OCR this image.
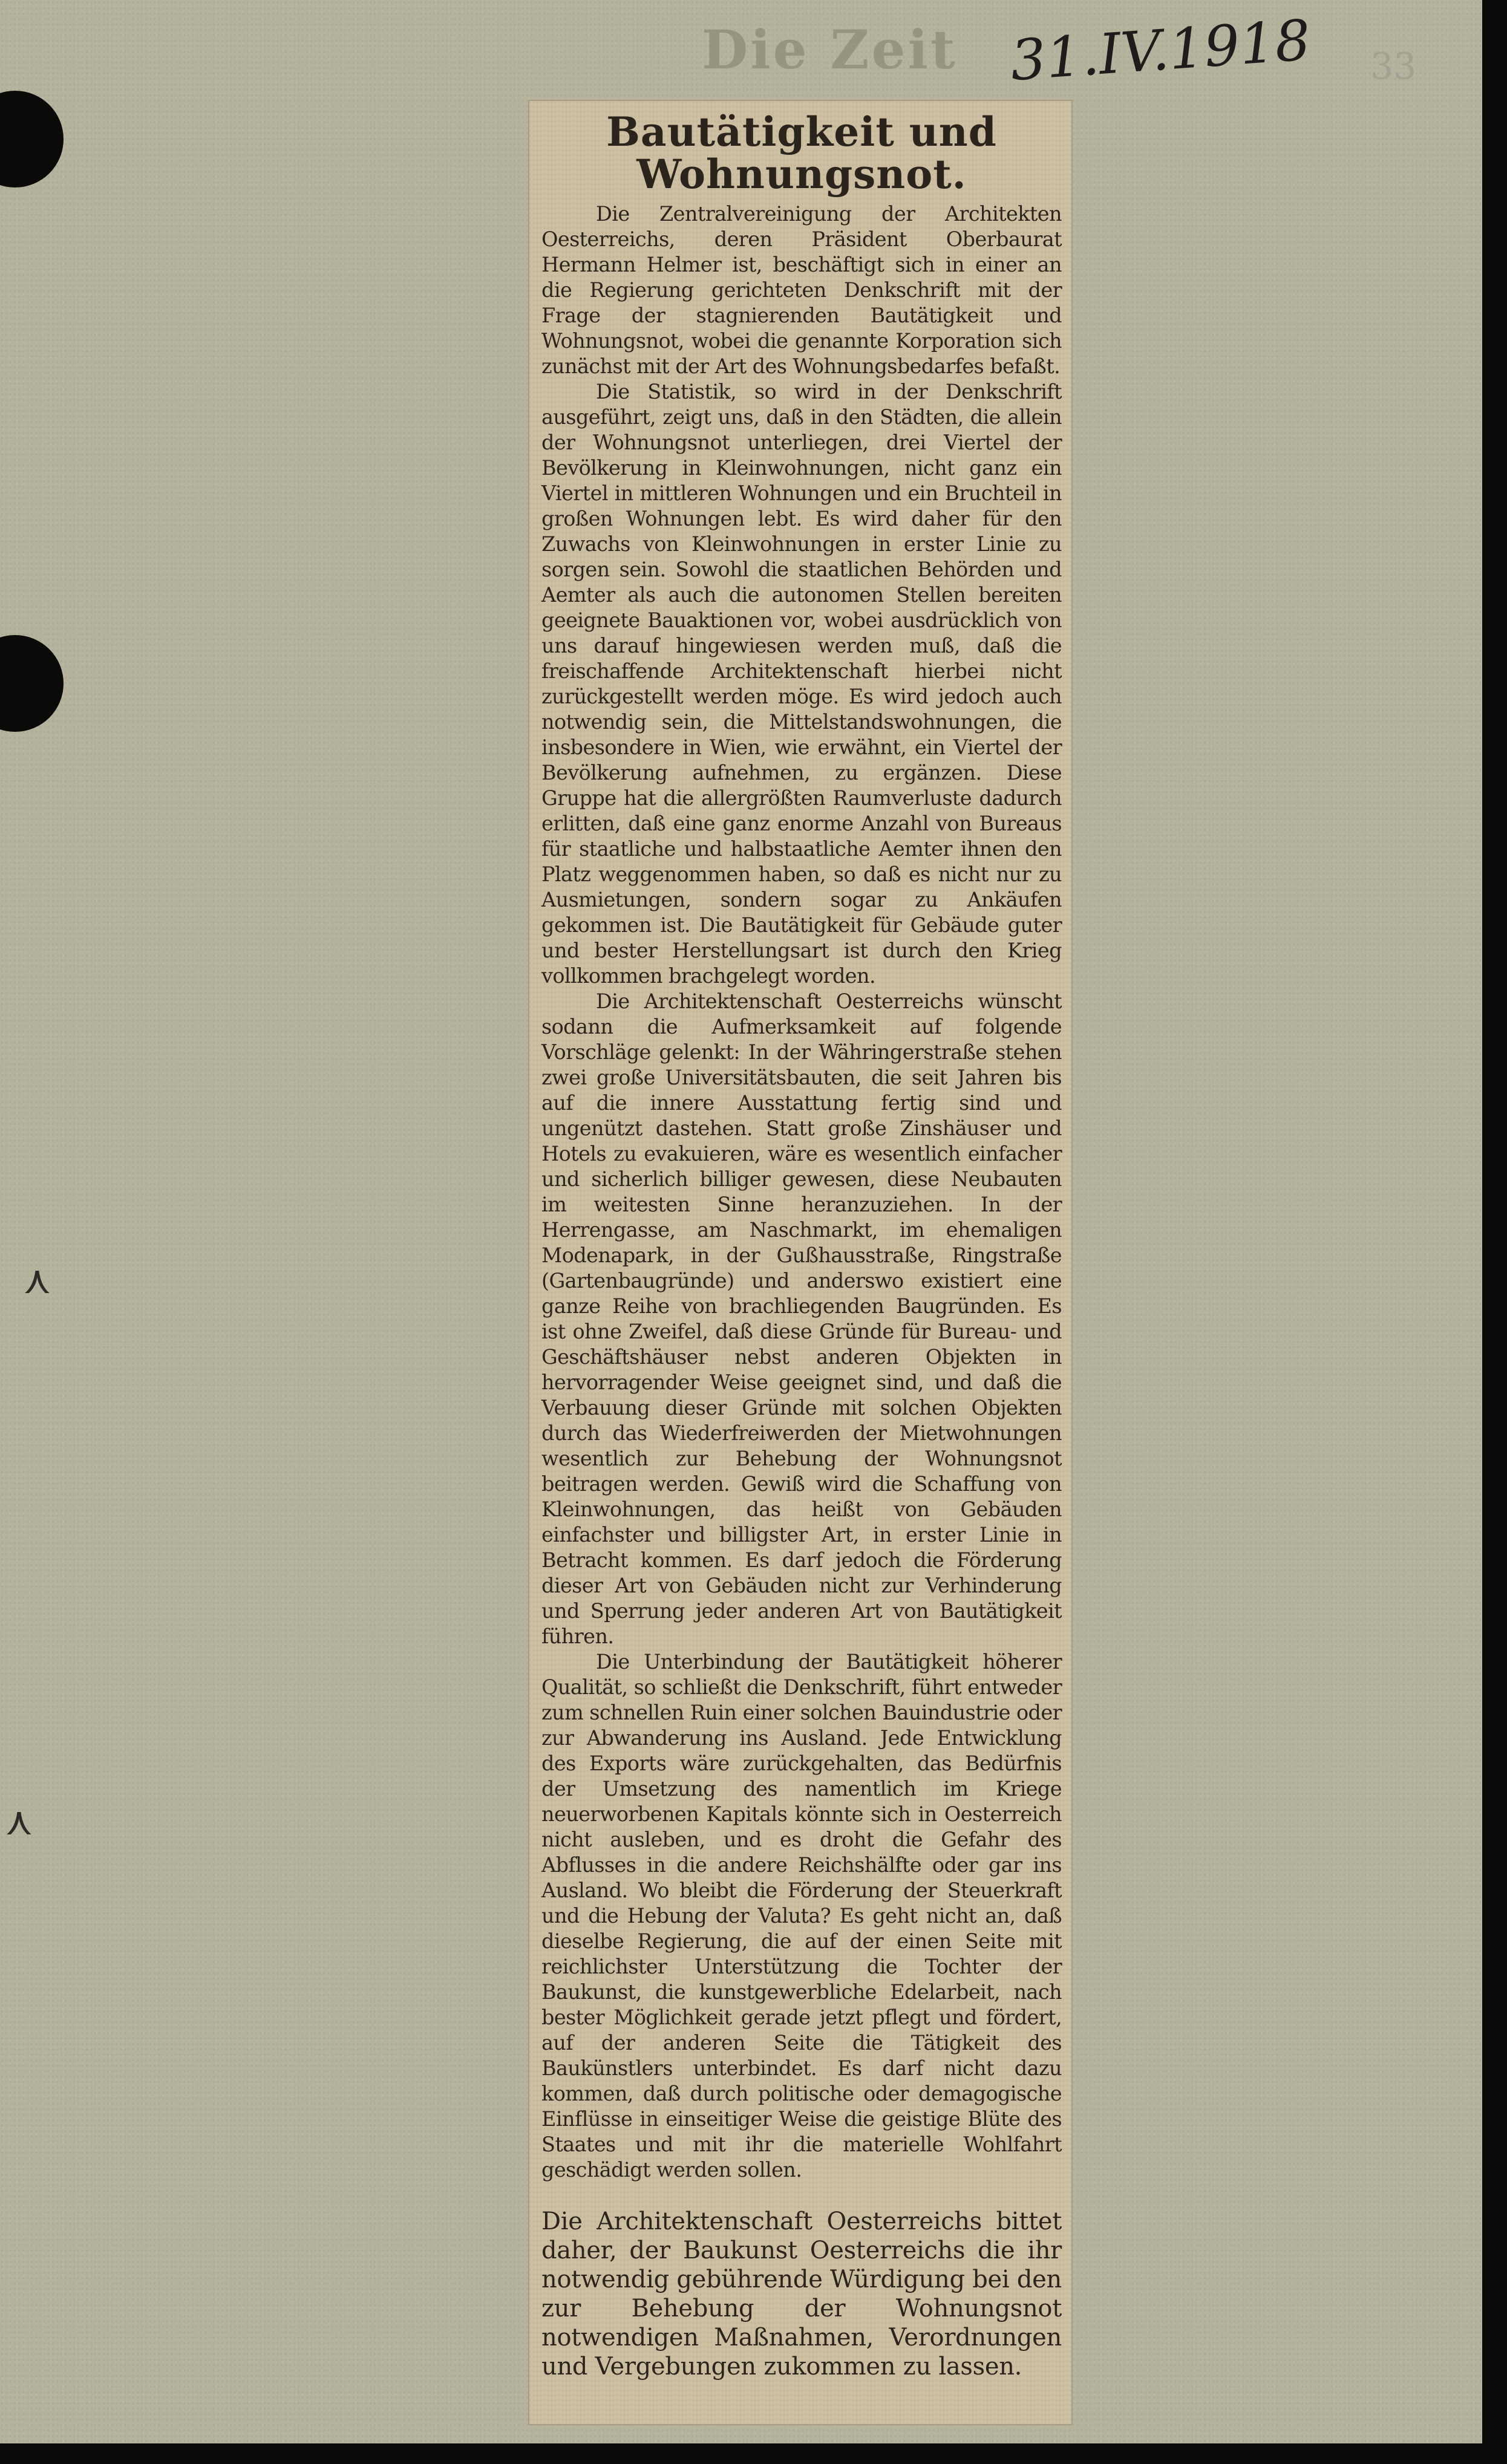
Die Zeit 31.IV.1918 33
⋏
⋏
Bautätigkeit und Wohnungsnot.

Die Zentralvereinigung der Architekten Oesterreichs, deren Präsident Oberbaurat Hermann Helmer ist, beschäftigt sich in einer an die Regierung gerichteten Denkschrift mit der Frage der stagnierenden Bautätigkeit und Wohnungsnot, wobei die genannte Korporation sich zunächst mit der Art des Wohnungsbedarfes befaßt.

Die Statistik, so wird in der Denkschrift ausgeführt, zeigt uns, daß in den Städten, die allein der Wohnungsnot unterliegen, drei Viertel der Bevölkerung in Kleinwohnungen, nicht ganz ein Viertel in mittleren Wohnungen und ein Bruchteil in großen Wohnungen lebt. Es wird daher für den Zuwachs von Kleinwohnungen in erster Linie zu sorgen sein. Sowohl die staatlichen Behörden und Aemter als auch die autonomen Stellen bereiten geeignete Bauaktionen vor, wobei ausdrücklich von uns darauf hingewiesen werden muß, daß die freischaffende Architektenschaft hierbei nicht zurückgestellt werden möge. Es wird jedoch auch notwendig sein, die Mittelstandswohnungen, die insbesondere in Wien, wie erwähnt, ein Viertel der Bevölkerung aufnehmen, zu ergänzen. Diese Gruppe hat die allergrößten Raumverluste dadurch erlitten, daß eine ganz enorme Anzahl von Bureaus für staatliche und halbstaatliche Aemter ihnen den Platz weggenommen haben, so daß es nicht nur zu Ausmietungen, sondern sogar zu Ankäufen gekommen ist. Die Bautätigkeit für Gebäude guter und bester Herstellungsart ist durch den Krieg vollkommen brachgelegt worden.

Die Architektenschaft Oesterreichs wünscht sodann die Aufmerksamkeit auf folgende Vorschläge gelenkt: In der Währingerstraße stehen zwei große Universitätsbauten, die seit Jahren bis auf die innere Ausstattung fertig sind und ungenützt dastehen. Statt große Zinshäuser und Hotels zu evakuieren, wäre es wesentlich einfacher und sicherlich billiger gewesen, diese Neubauten im weitesten Sinne heranzuziehen. In der Herrengasse, am Naschmarkt, im ehemaligen Modenapark, in der Gußhausstraße, Ringstraße (Gartenbaugründe) und anderswo existiert eine ganze Reihe von brachliegenden Baugründen. Es ist ohne Zweifel, daß diese Gründe für Bureau- und Geschäftshäuser nebst anderen Objekten in hervorragender Weise geeignet sind, und daß die Verbauung dieser Gründe mit solchen Objekten durch das Wiederfreiwerden der Mietwohnungen wesentlich zur Behebung der Wohnungsnot beitragen werden. Gewiß wird die Schaffung von Kleinwohnungen, das heißt von Gebäuden einfachster und billigster Art, in erster Linie in Betracht kommen. Es darf jedoch die Förderung dieser Art von Gebäuden nicht zur Verhinderung und Sperrung jeder anderen Art von Bautätigkeit führen.

Die Unterbindung der Bautätigkeit höherer Qualität, so schließt die Denkschrift, führt entweder zum schnellen Ruin einer solchen Bauindustrie oder zur Abwanderung ins Ausland. Jede Entwicklung des Exports wäre zurückgehalten, das Bedürfnis der Umsetzung des namentlich im Kriege neuerworbenen Kapitals könnte sich in Oesterreich nicht ausleben, und es droht die Gefahr des Abflusses in die andere Reichshälfte oder gar ins Ausland. Wo bleibt die Förderung der Steuerkraft und die Hebung der Valuta? Es geht nicht an, daß dieselbe Regierung, die auf der einen Seite mit reichlichster Unterstützung die Tochter der Baukunst, die kunstgewerbliche Edelarbeit, nach bester Möglichkeit gerade jetzt pflegt und fördert, auf der anderen Seite die Tätigkeit des Baukünstlers unterbindet. Es darf nicht dazu kommen, daß durch politische oder demagogische Einflüsse in einseitiger Weise die geistige Blüte des Staates und mit ihr die materielle Wohlfahrt geschädigt werden sollen.

Die Architektenschaft Oesterreichs bittet daher, der Baukunst Oesterreichs die ihr notwendig gebührende Würdigung bei den zur Behebung der Wohnungsnot notwendigen Maßnahmen, Verordnungen und Vergebungen zukommen zu lassen.
